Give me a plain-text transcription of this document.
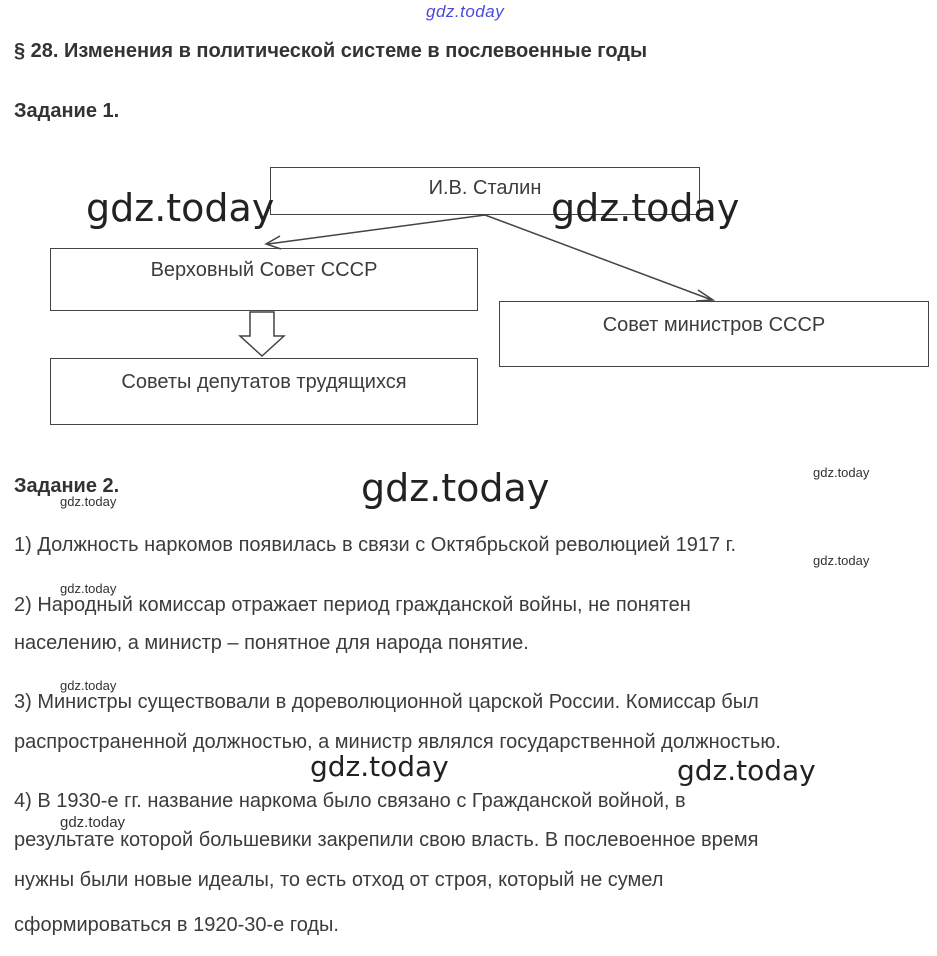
gdz.today
§ 28. Изменения в политической системе в послевоенные годы
Задание 1.
И.В. Сталин
Верховный Совет СССР
Советы депутатов трудящихся
Совет министров СССР
Задание 2.
1) Должность наркомов появилась в связи с Октябрьской революцией 1917 г.
2) Народный комиссар отражает период гражданской войны, не понятен
населению, а министр – понятное для народа понятие.
3) Министры существовали в дореволюционной царской России. Комиссар был
распространенной должностью, а министр являлся государственной должностью.
4) В 1930-е гг. название наркома было связано с Гражданской войной, в
результате которой большевики закрепили свою власть. В послевоенное время
нужны были новые идеалы, то есть отход от строя, который не сумел
сформироваться в 1920-30-е годы.
gdz.today	gdz.today
gdz.today
gdz.today	gdz.today
gdz.today
gdz.today
gdz.today
gdz.today
gdz.today
gdz.today
